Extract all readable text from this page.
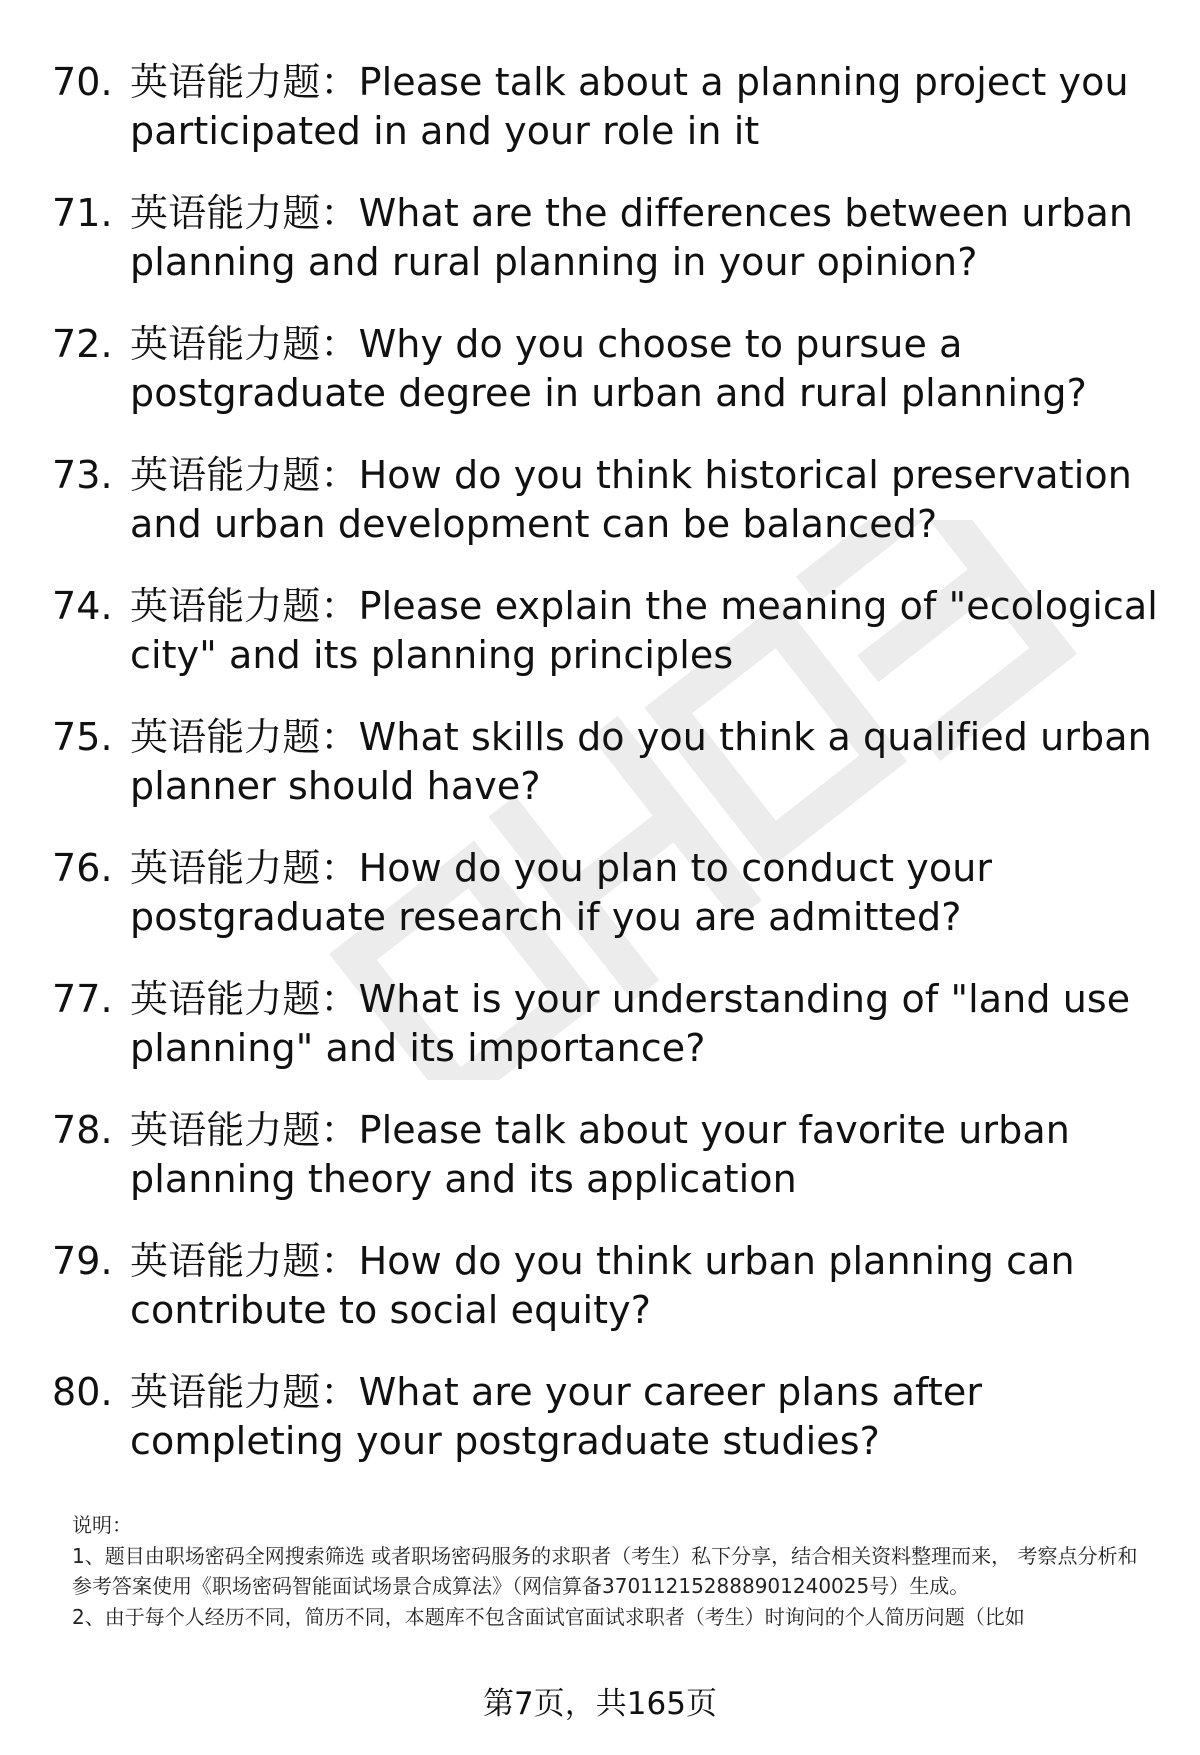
70. 英语能力题：Please talk about a planning project you participated in and your role in it
71. 英语能力题：What are the differences between urban planning and rural planning in your opinion?
72. 英语能力题：Why do you choose to pursue a postgraduate degree in urban and rural planning?
73. 英语能力题：How do you think historical preservation and urban development can be balanced?
74. 英语能力题：Please explain the meaning of "ecological city" and its planning principles
75. 英语能力题：What skills do you think a qualified urban planner should have?
76. 英语能力题：How do you plan to conduct your postgraduate research if you are admitted?
77. 英语能力题：What is your understanding of "land use planning" and its importance?
78. 英语能力题：Please talk about your favorite urban planning theory and its application
79. 英语能力题：How do you think urban planning can contribute to social equity?
80. 英语能力题：What are your career plans after completing your postgraduate studies?

说明：

1、题目由职场密码全网搜索筛选 或者职场密码服务的求职者（考生）私下分享，结合相关资料整理而来， 考察点分析和参考答案使用《职场密码智能面试场景合成算法》（网信算备370112152888901240025号）生成。

2、由于每个人经历不同，简历不同，本题库不包含面试官面试求职者（考生）时询问的个人简历问题（比如

第7页，共165页
